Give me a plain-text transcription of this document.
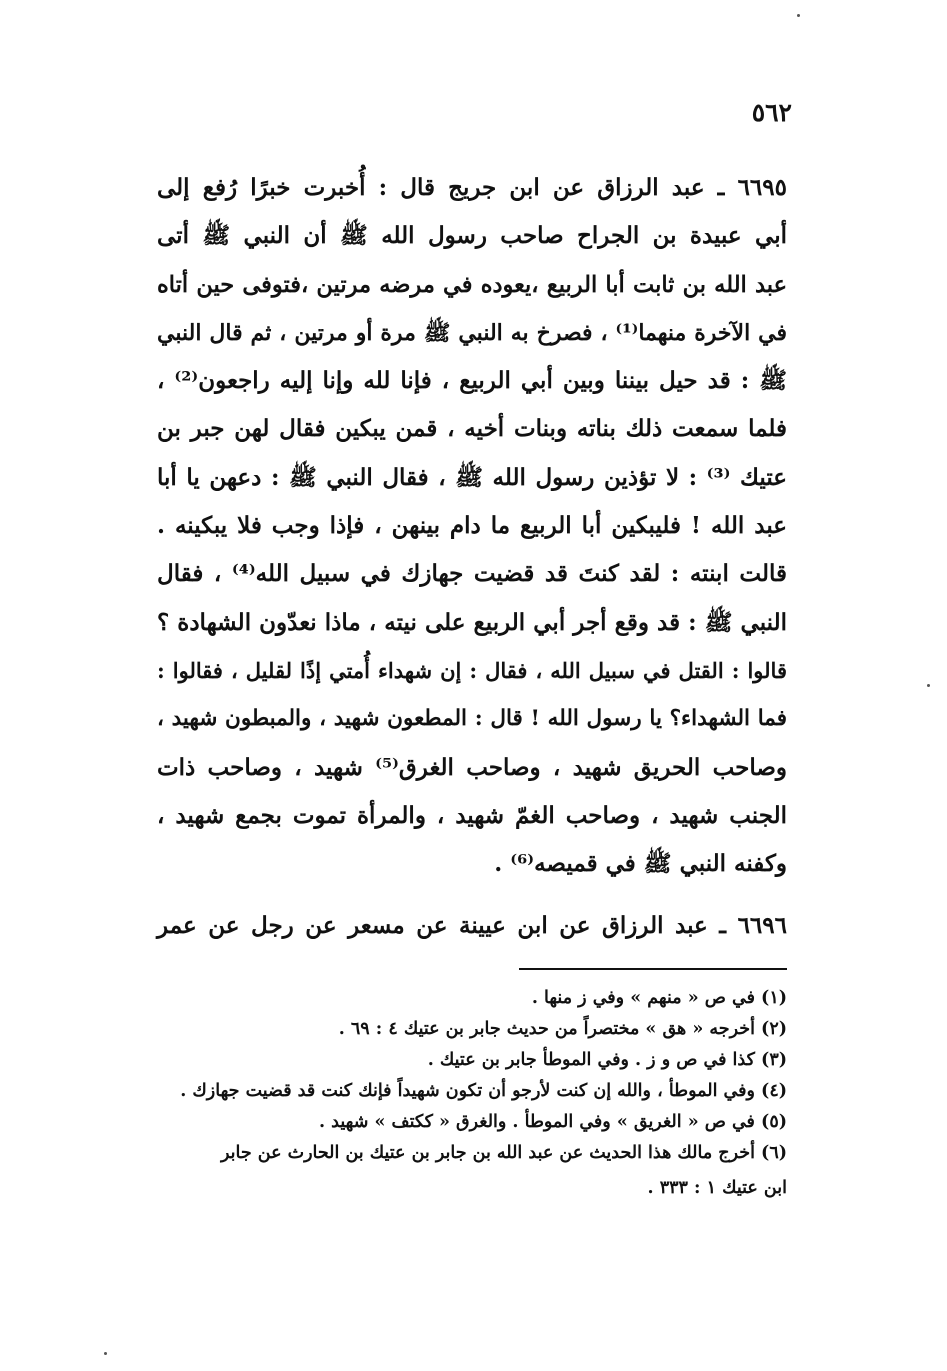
٥٦٢
٦٦٩٥ ـ عبد الرزاق عن ابن جريج قال : أُخبرت خبرًا رُفع إلى
أبي عبيدة بن الجراح صاحب رسول الله ﷺ أن النبي ﷺ أتى
عبد الله بن ثابت أبا الربيع ،يعوده في مرضه مرتين ،فتوفى حين أتاه
في الآخرة منهما⁽¹⁾ ، فصرخ به النبي ﷺ مرة أو مرتين ، ثم قال النبي
ﷺ : قد حيل بيننا وبين أبي الربيع ، فإنا لله وإنا إليه راجعون⁽²⁾ ،
فلما سمعت ذلك بناته وبنات أخيه ، قمن يبكين فقال لهن جبر بن
عتيك ⁽³⁾ : لا تؤذين رسول الله ﷺ ، فقال النبي ﷺ : دعهن يا أبا
عبد الله ! فليبكين أبا الربيع ما دام بينهن ، فإذا وجب فلا يبكينه .
قالت ابنته : لقد كنتَ قد قضيت جهازك في سبيل الله⁽⁴⁾ ، فقال
النبي ﷺ : قد وقع أجر أبي الربيع على نيته ، ماذا نعدّون الشهادة ؟
قالوا : القتل في سبيل الله ، فقال : إن شهداء أُمتي إذًا لقليل ، فقالوا :
فما الشهداء؟ يا رسول الله ! قال : المطعون شهيد ، والمبطون شهيد ،
وصاحب الحريق شهيد ، وصاحب الغرق⁽⁵⁾ شهيد ، وصاحب ذات
الجنب شهيد ، وصاحب الغمّ شهيد ، والمرأة تموت بجمع شهيد ،
وكفنه النبي ﷺ في قميصه⁽⁶⁾ .
٦٦٩٦ ـ عبد الرزاق عن ابن عيينة عن مسعر عن رجل عن عمر
(١) في ص « منهم » وفي ز منها .
(٢) أخرجه « هق » مختصراً من حديث جابر بن عتيك ٤ : ٦٩ .
(٣) كذا في ص و ز . وفي الموطأ جابر بن عتيك .
(٤) وفي الموطأ ، والله إن كنت لأرجو أن تكون شهيداً فإنك كنت قد قضيت جهازك .
(٥) في ص « الغريق » وفي الموطأ . والغرق « ككتف » شهيد .
(٦) أخرج مالك هذا الحديث عن عبد الله بن جابر بن عتيك بن الحارث عن جابر
ابن عتيك ١ : ٣٣٣ .
